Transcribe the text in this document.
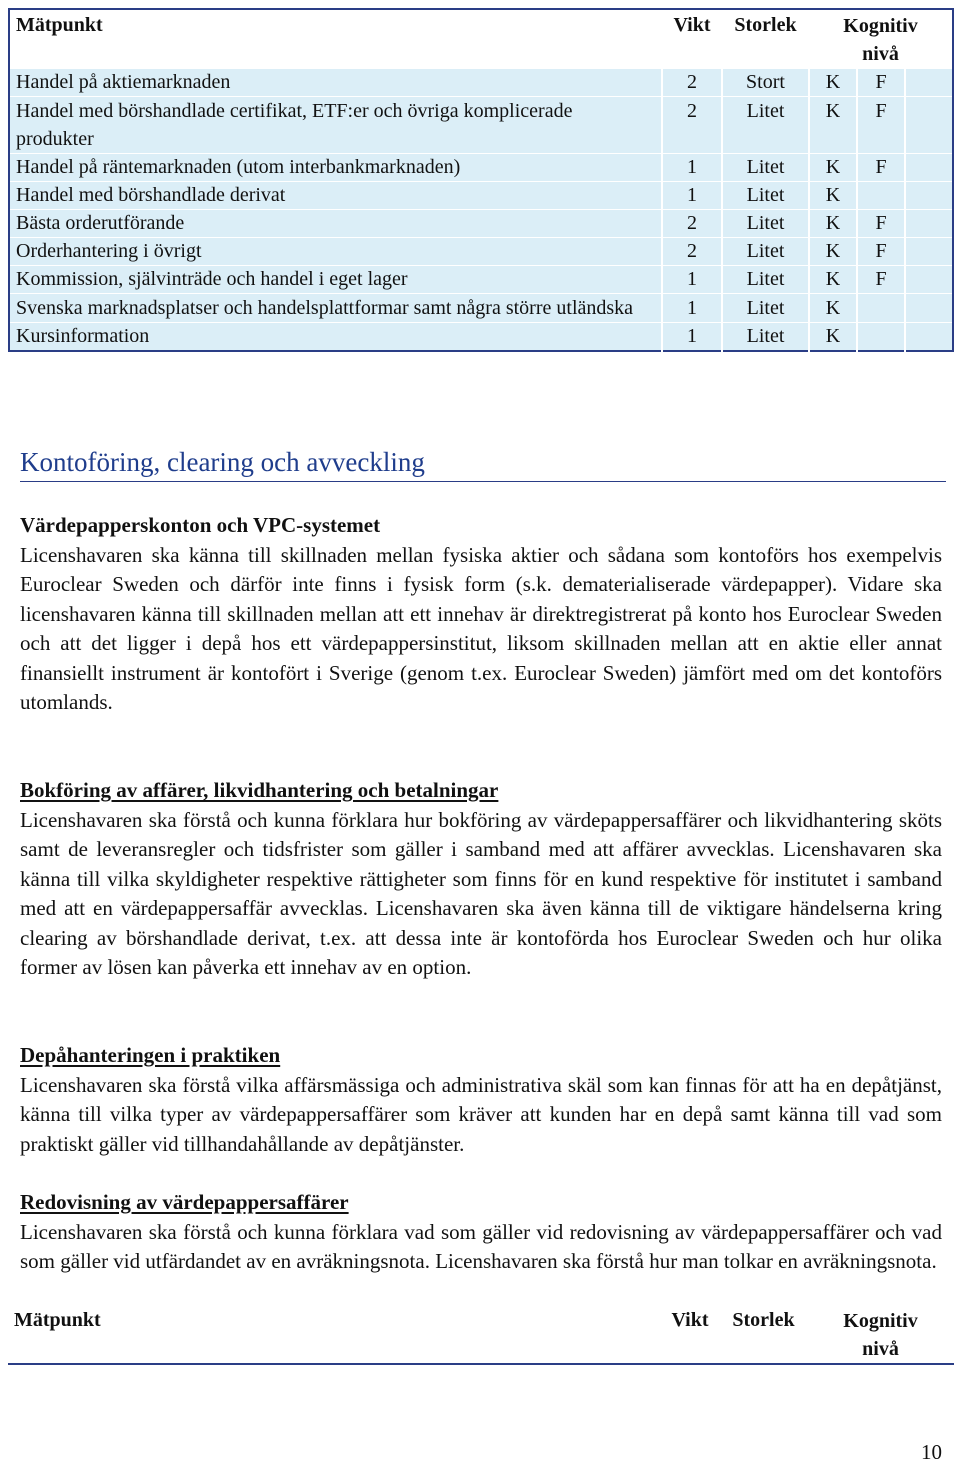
Mätpunkt	Vikt	Storlek	Kognitiv
nivå		
Handel på aktiemarknaden	2	Stort	K	F	
Handel med börshandlade certifikat, ETF:er och övriga komplicerade produkter	2	Litet	K	F	
Handel på räntemarknaden (utom interbankmarknaden)	1	Litet	K	F	
Handel med börshandlade derivat	1	Litet	K		
Bästa orderutförande	2	Litet	K	F	
Orderhantering i övrigt	2	Litet	K	F	
Kommission, självinträde och handel i eget lager	1	Litet	K	F	
Svenska marknadsplatser och handelsplattformar samt några större utländska	1	Litet	K		
Kursinformation	1	Litet	K		
Kontoföring, clearing och avveckling
Värdepapperskonton och VPC-systemet

Licenshavaren ska känna till skillnaden mellan fysiska aktier och sådana som kontoförs hos exempelvis Euroclear Sweden och därför inte finns i fysisk form (s.k. dematerialiserade värdepapper). Vidare ska licenshavaren känna till skillnaden mellan att ett innehav är direktregistrerat på konto hos Euroclear Sweden och att det ligger i depå hos ett värdepappersinstitut, liksom skillnaden mellan att en aktie eller annat finansiellt instrument är kontofört i Sverige (genom t.ex. Euroclear Sweden) jämfört med om det kontoförs utomlands.

Bokföring av affärer, likvidhantering och betalningar

Licenshavaren ska förstå och kunna förklara hur bokföring av värdepappersaffärer och likvidhantering sköts samt de leveransregler och tidsfrister som gäller i samband med att affärer avvecklas. Licenshavaren ska känna till vilka skyldigheter respektive rättigheter som finns för en kund respektive för institutet i samband med att en värdepappersaffär avvecklas. Licenshavaren ska även känna till de viktigare händelserna kring clearing av börshandlade derivat, t.ex. att dessa inte är kontoförda hos Euroclear Sweden och hur olika former av lösen kan påverka ett innehav av en option.

Depåhanteringen i praktiken

Licenshavaren ska förstå vilka affärsmässiga och administrativa skäl som kan finnas för att ha en depåtjänst, känna till vilka typer av värdepappersaffärer som kräver att kunden har en depå samt känna till vad som praktiskt gäller vid tillhandahållande av depåtjänster.

Redovisning av värdepappersaffärer

Licenshavaren ska förstå och kunna förklara vad som gäller vid redovisning av värdepappersaffärer och vad som gäller vid utfärdandet av en avräkningsnota. Licenshavaren ska förstå hur man tolkar en avräkningsnota.

Mätpunkt	Vikt	Storlek	Kognitiv
nivå
10
